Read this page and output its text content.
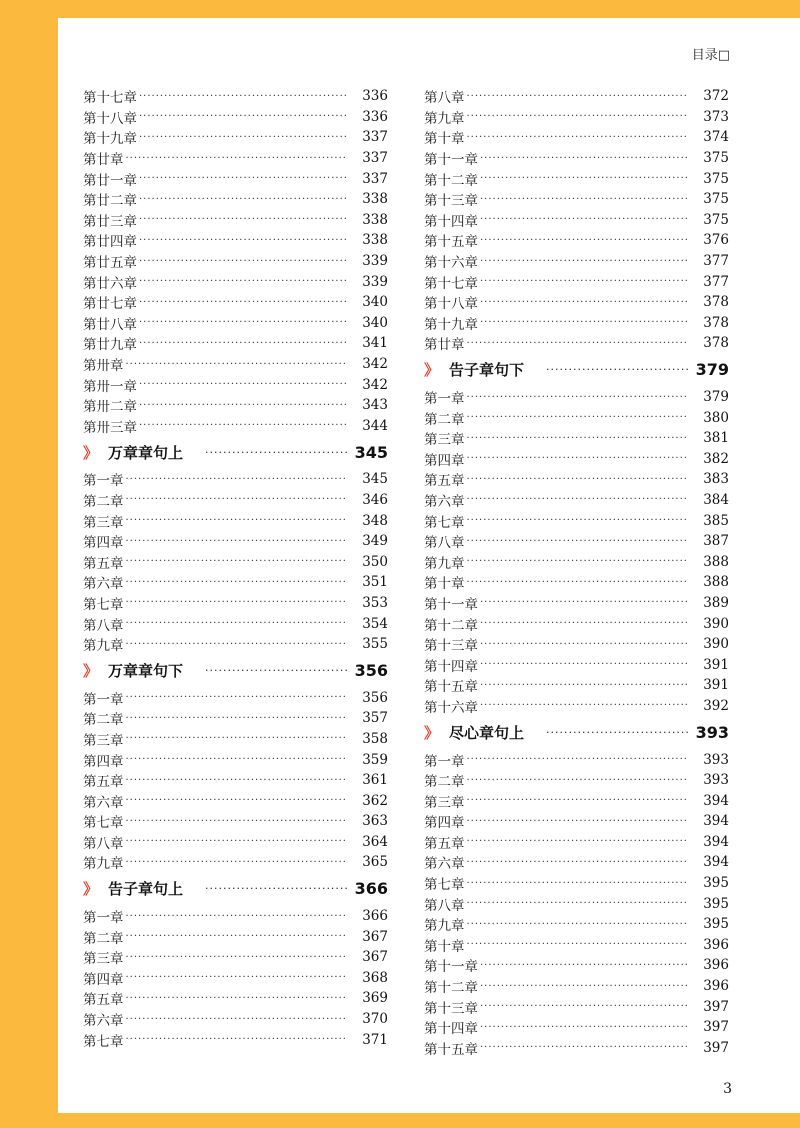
目录□
第十七章 ·····	336
第十八章 ·····	336
第十九章 ·····	337
第廿章 ·····	337
第廿一章 ·····	337
第廿二章 ·····	338
第廿三章 ·····	338
第廿四章 ·····	338
第廿五章 ·····	339
第廿六章 ·····	339
第廿七章 ·····	340
第廿八章 ·····	340
第廿九章 ·····	341
第卅章 ·····	342
第卅一章 ·····	342
第卅二章 ·····	343
第卅三章 ·····	344
》 万章章句上 ·····	345
第一章 ·····	345
第二章 ·····	346
第三章 ·····	348
第四章 ·····	349
第五章 ·····	350
第六章 ·····	351
第七章 ·····	353
第八章 ·····	354
第九章 ·····	355
》 万章章句下 ·····	356
第一章 ·····	356
第二章 ·····	357
第三章 ·····	358
第四章 ·····	359
第五章 ·····	361
第六章 ·····	362
第七章 ·····	363
第八章 ·····	364
第九章 ·····	365
》 告子章句上 ·····	366
第一章 ·····	366
第二章 ·····	367
第三章 ·····	367
第四章 ·····	368
第五章 ·····	369
第六章 ·····	370
第七章 ·····	371
第八章 ·····	372
第九章 ·····	373
第十章 ·····	374
第十一章 ·····	375
第十二章 ·····	375
第十三章 ·····	375
第十四章 ·····	375
第十五章 ·····	376
第十六章 ·····	377
第十七章 ·····	377
第十八章 ·····	378
第十九章 ·····	378
第廿章 ·····	378
》 告子章句下 ·····	379
第一章 ·····	379
第二章 ·····	380
第三章 ·····	381
第四章 ·····	382
第五章 ·····	383
第六章 ·····	384
第七章 ·····	385
第八章 ·····	387
第九章 ·····	388
第十章 ·····	388
第十一章 ·····	389
第十二章 ·····	390
第十三章 ·····	390
第十四章 ·····	391
第十五章 ·····	391
第十六章 ·····	392
》 尽心章句上 ·····	393
第一章 ·····	393
第二章 ·····	393
第三章 ·····	394
第四章 ·····	394
第五章 ·····	394
第六章 ·····	394
第七章 ·····	395
第八章 ·····	395
第九章 ·····	395
第十章 ·····	396
第十一章 ·····	396
第十二章 ·····	396
第十三章 ·····	397
第十四章 ·····	397
第十五章 ·····	397
3
